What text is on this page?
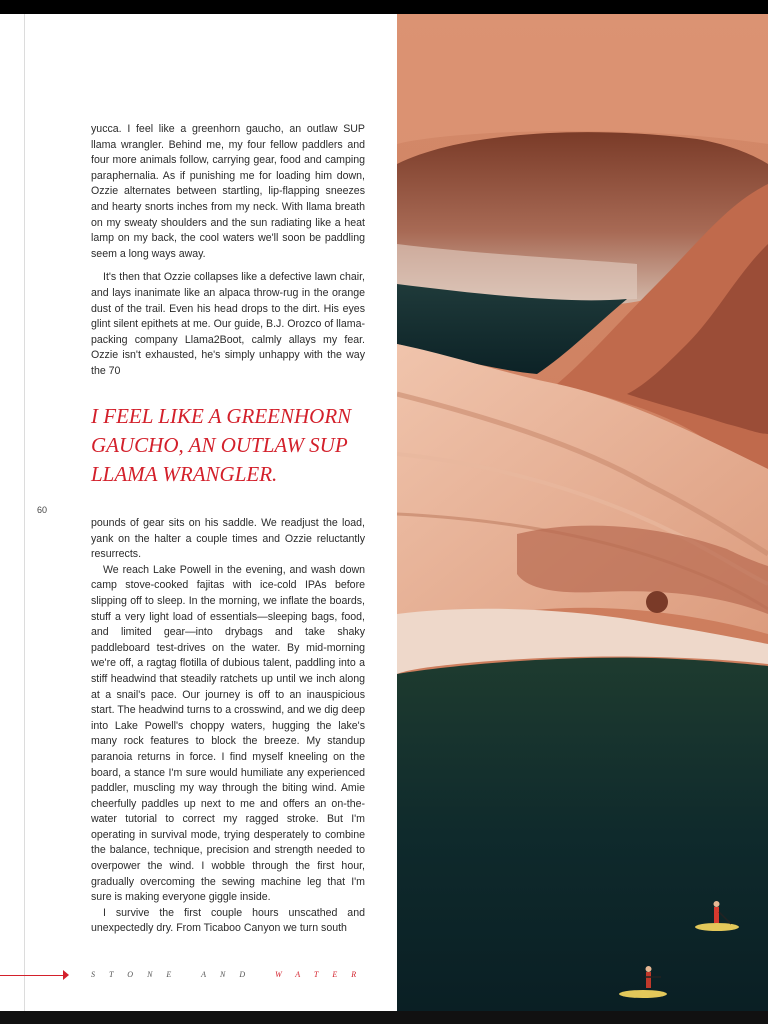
yucca. I feel like a greenhorn gaucho, an outlaw SUP llama wrangler. Behind me, my four fellow paddlers and four more animals follow, carrying gear, food and camping paraphernalia. As if punishing me for loading him down, Ozzie alternates between startling, lip-flapping sneezes and hearty snorts inches from my neck. With llama breath on my sweaty shoulders and the sun radiating like a heat lamp on my back, the cool waters we'll soon be paddling seem a long ways away.

It's then that Ozzie collapses like a defective lawn chair, and lays inanimate like an alpaca throw-rug in the orange dust of the trail. Even his head drops to the dirt. His eyes glint silent epithets at me. Our guide, B.J. Orozco of llama-packing company Llama2Boot, calmly allays my fear. Ozzie isn't exhausted, he's simply unhappy with the way the 70

I FEEL LIKE A GREENHORN GAUCHO, AN OUTLAW SUP LLAMA WRANGLER.

60

pounds of gear sits on his saddle. We readjust the load, yank on the halter a couple times and Ozzie reluctantly resurrects.

We reach Lake Powell in the evening, and wash down camp stove-cooked fajitas with ice-cold IPAs before slipping off to sleep. In the morning, we inflate the boards, stuff a very light load of essentials—sleeping bags, food, and limited gear—into drybags and take shaky paddleboard test-drives on the water. By mid-morning we're off, a ragtag flotilla of dubious talent, paddling into a stiff headwind that steadily ratchets up until we inch along at a snail's pace. Our journey is off to an inauspicious start. The headwind turns to a crosswind, and we dig deep into Lake Powell's choppy waters, hugging the lake's many rock features to block the breeze. My standup paranoia returns in force. I find myself kneeling on the board, a stance I'm sure would humiliate any experienced paddler, muscling my way through the biting wind. Amie cheerfully paddles up next to me and offers an on-the-water tutorial to correct my ragged stroke. But I'm operating in survival mode, trying desperately to combine the balance, technique, precision and strength needed to overpower the wind. I wobble through the first hour, gradually overcoming the sewing machine leg that I'm sure is making everyone giggle inside.

I survive the first couple hours unscathed and unexpectedly dry. From Ticaboo Canyon we turn south

STONE AND WATER
